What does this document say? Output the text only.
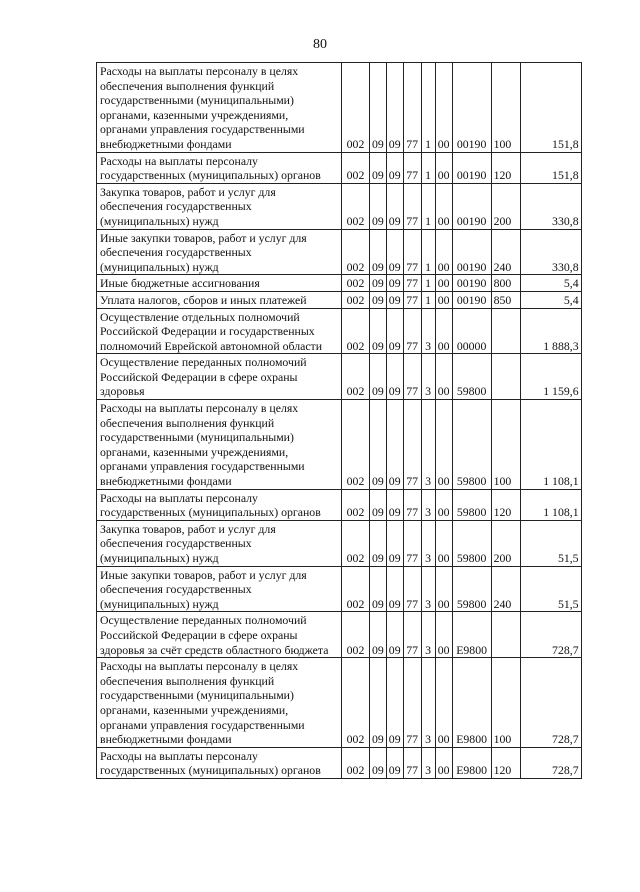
80
Расходы на выплаты персоналу в целях обеспечения выполнения функций государственными (муниципальными) органами, казенными учреждениями, органами управления государственными внебюджетными фондами	002	09	09	77	1	00	00190	100	151,8
Расходы на выплаты персоналу государственных (муниципальных) органов	002	09	09	77	1	00	00190	120	151,8
Закупка товаров, работ и услуг для обеспечения государственных (муниципальных) нужд	002	09	09	77	1	00	00190	200	330,8
Иные закупки товаров, работ и услуг для обеспечения государственных (муниципальных) нужд	002	09	09	77	1	00	00190	240	330,8
Иные бюджетные ассигнования	002	09	09	77	1	00	00190	800	5,4
Уплата налогов, сборов и иных платежей	002	09	09	77	1	00	00190	850	5,4
Осуществление отдельных полномочий Российской Федерации и государственных полномочий Еврейской автономной области	002	09	09	77	3	00	00000		1 888,3
Осуществление переданных полномочий Российской Федерации в сфере охраны здоровья	002	09	09	77	3	00	59800		1 159,6
Расходы на выплаты персоналу в целях обеспечения выполнения функций государственными (муниципальными) органами, казенными учреждениями, органами управления государственными внебюджетными фондами	002	09	09	77	3	00	59800	100	1 108,1
Расходы на выплаты персоналу государственных (муниципальных) органов	002	09	09	77	3	00	59800	120	1 108,1
Закупка товаров, работ и услуг для обеспечения государственных (муниципальных) нужд	002	09	09	77	3	00	59800	200	51,5
Иные закупки товаров, работ и услуг для обеспечения государственных (муниципальных) нужд	002	09	09	77	3	00	59800	240	51,5
Осуществление переданных полномочий Российской Федерации в сфере охраны здоровья за счёт средств областного бюджета	002	09	09	77	3	00	E9800		728,7
Расходы на выплаты персоналу в целях обеспечения выполнения функций государственными (муниципальными) органами, казенными учреждениями, органами управления государственными внебюджетными фондами	002	09	09	77	3	00	E9800	100	728,7
Расходы на выплаты персоналу государственных (муниципальных) органов	002	09	09	77	3	00	E9800	120	728,7
